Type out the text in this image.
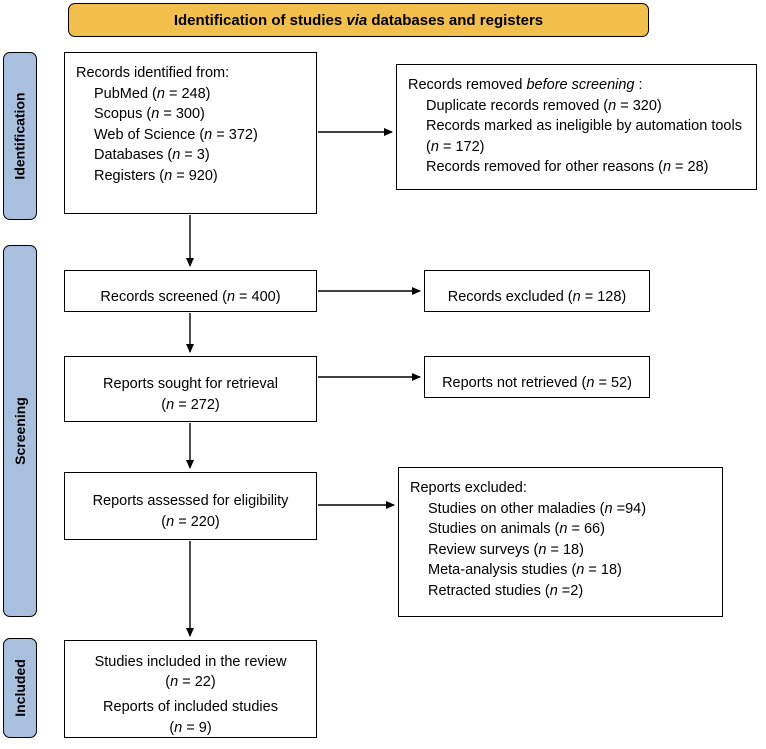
Identification of studies via databases and registers
Identification
Screening
Included
Records identified from:
PubMed (n = 248)
Scopus (n = 300)
Web of Science (n = 372)
Databases (n = 3)
Registers (n = 920)
Records removed before screening :
Duplicate records removed (n = 320)
Records marked as ineligible by automation tools (n = 172)
Records removed for other reasons (n = 28)
Records screened (n = 400)	Records excluded (n = 128)
Reports sought for retrieval
(n = 272)
Reports not retrieved (n = 52)
Reports assessed for eligibility
(n = 220)
Reports excluded:
Studies on other maladies (n =94)
Studies on animals (n = 66)
Review surveys (n = 18)
Meta-analysis studies (n = 18)
Retracted studies (n =2)
Studies included in the review
(n = 22)
Reports of included studies
(n = 9)
